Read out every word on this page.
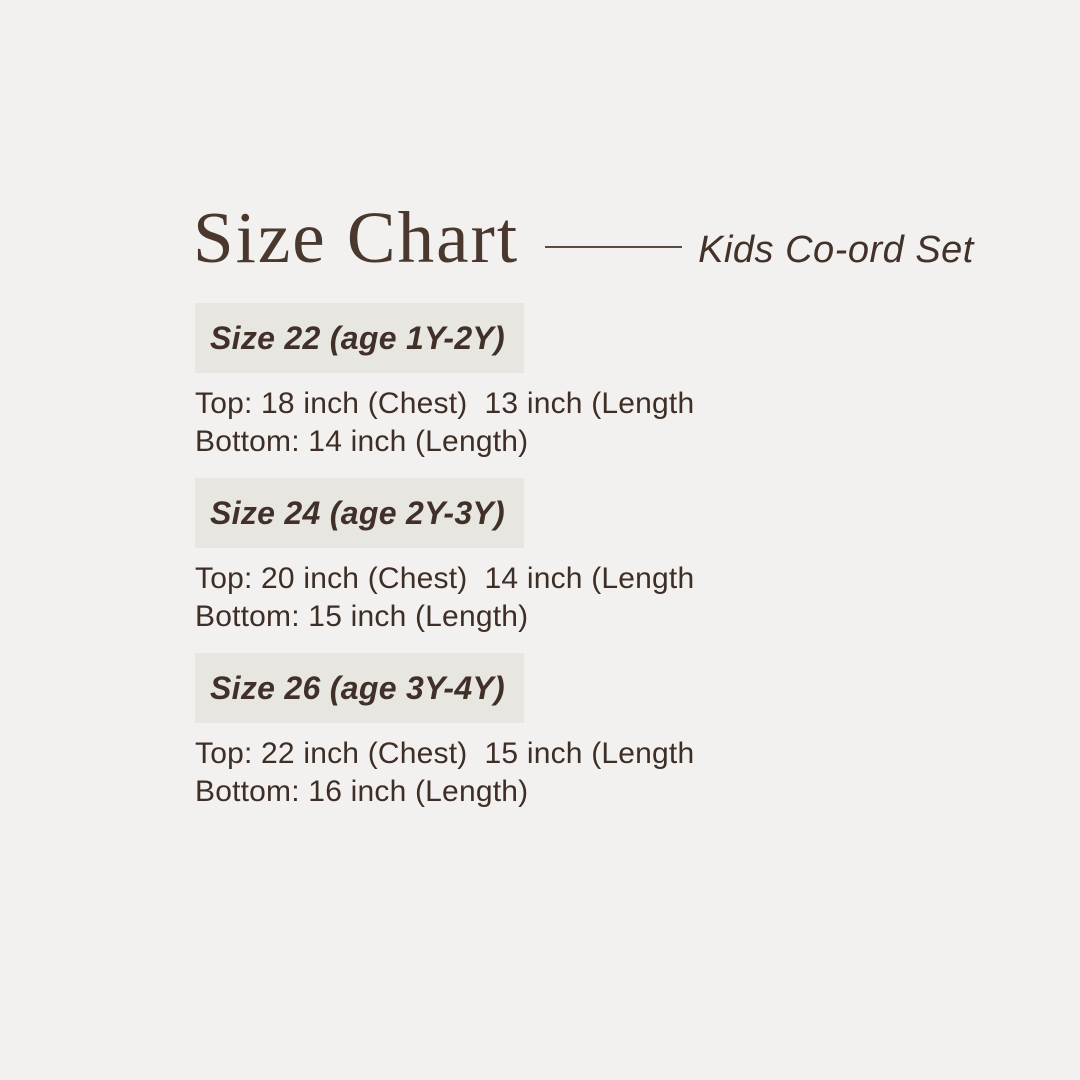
Size Chart	Kids Co-ord Set
Size 22 (age 1Y-2Y)

Top: 18 inch (Chest)  13 inch (Length

Bottom: 14 inch (Length)

Size 24 (age 2Y-3Y)

Top: 20 inch (Chest)  14 inch (Length

Bottom: 15 inch (Length)

Size 26 (age 3Y-4Y)

Top: 22 inch (Chest)  15 inch (Length

Bottom: 16 inch (Length)
